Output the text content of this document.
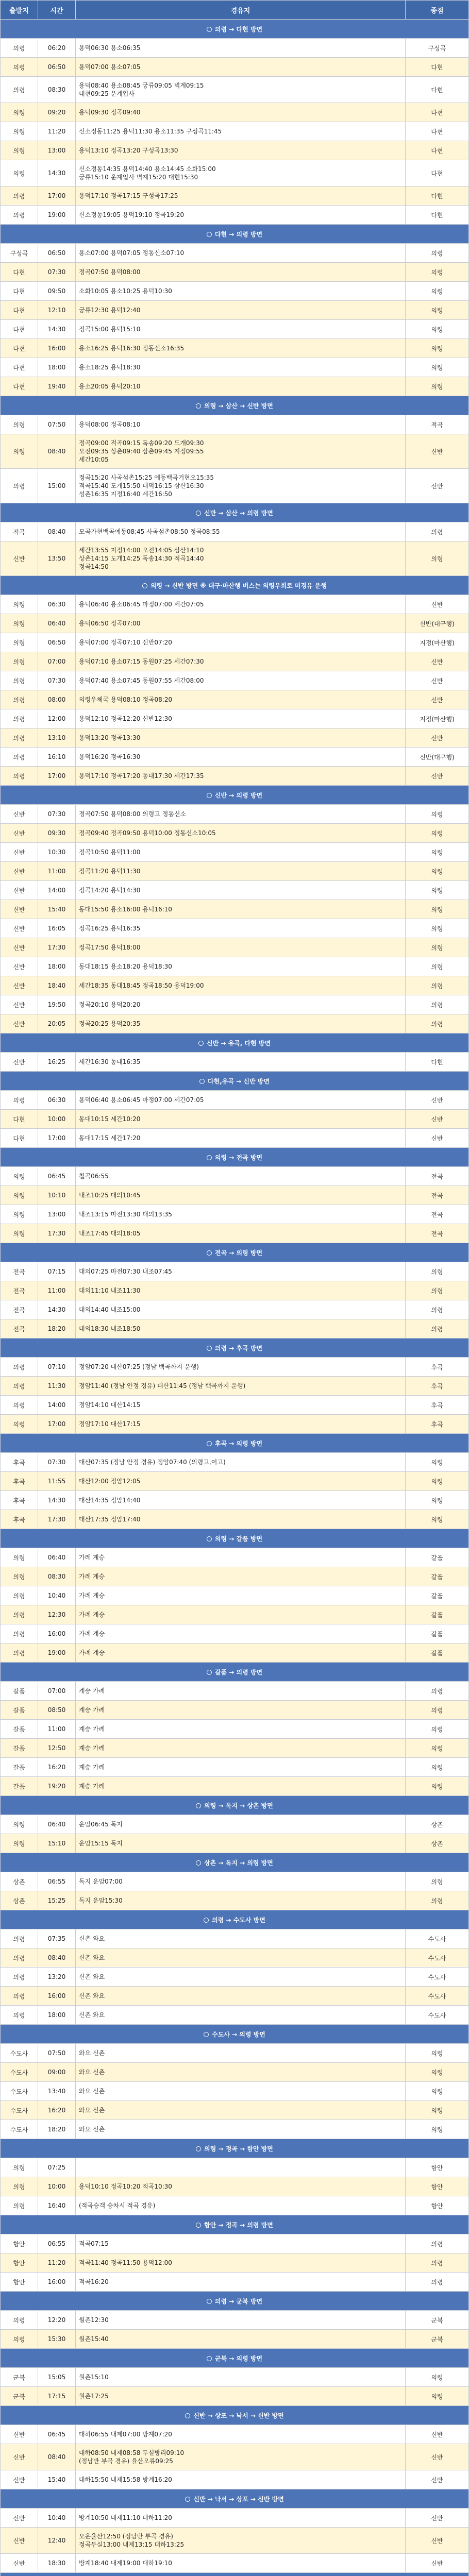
출발지	시간	경유지	종점
의령 → 다현 방면			
의령	06:20	용덕06:30 용소06:35	구성곡
의령	06:50	용덕07:00 용소07:05	다현
의령	08:30	용덕08:40 용소08:45 궁류09:05 벽계09:15
대현09:25 운계입사	다현
의령	09:20	용덕09:30 정곡09:40	다현
의령	11:20	신소정동11:25 용덕11:30 용소11:35 구성곡11:45	다현
의령	13:00	용덕13:10 정곡13:20 구성곡13:30	다현
의령	14:30	신소정동14:35 용덕14:40 용소14:45 소화15:00
궁류15:10 운계입사 벽계15:20 대현15:30	다현
의령	17:00	용덕17:10 정곡17:15 구성곡17:25	다현
의령	19:00	신소정동19:05 용덕19:10 정곡19:20	다현
다현 → 의령 방면			
구성곡	06:50	용소07:00 용덕07:05 정동신소07:10	의령
다현	07:30	정곡07:50 용덕08:00	의령
다현	09:50	소화10:05 용소10:25 용덕10:30	의령
다현	12:10	궁류12:30 용덕12:40	의령
다현	14:30	정곡15:00 용덕15:10	의령
다현	16:00	용소16:25 용덕16:30 정동신소16:35	의령
다현	18:00	용소18:25 용덕18:30	의령
다현	19:40	용소20:05 용덕20:10	의령
의령 → 삼산 → 신반 방면			
의령	07:50	용덕08:00 정곡08:10	적곡
의령	08:40	정곡09:00 적곡09:15 독송09:20 도개09:30
오전09:35 상촌09:40 삼촌09:45 지정09:55
세간10:05	신반
의령	15:00	정곡15:20 사곡섬촌15:25 예동백곡거현오15:35
적곡15:40 도개15:50 대덕16:15 삼산16:30
성촌16:35 지정16:40 세간16:50	신반
신반 → 삼산 → 의령 방면			
적곡	08:40	모곡가현백곡예동08:45 사곡섬촌08:50 정곡08:55	의령
신반	13:50	세간13:55 지정14:00 오전14:05 삼산14:10
상촌14:15 도개14:25 독송14:30 적곡14:40
정곡14:50	의령
의령 → 신반 방면 ※ 대구·마산행 버스는 의령우회로 미경유 운행			
의령	06:30	용덕06:40 용소06:45 마정07:00 세간07:05	신반
의령	06:40	용덕06:50 정곡07:00	신반(대구행)
의령	06:50	용덕07:00 정곡07:10 신반07:20	지정(마산행)
의령	07:00	용덕07:10 용소07:15 동원07:25 세간07:30	신반
의령	07:30	용덕07:40 용소07:45 동원07:55 세간08:00	신반
의령	08:00	의령우체국 용덕08:10 정곡08:20	신반
의령	12:00	용덕12:10 정곡12:20 신반12:30	지정(마산행)
의령	13:10	용덕13:20 정곡13:30	신반
의령	16:10	용덕16:20 정곡16:30	신반(대구행)
의령	17:00	용덕17:10 정곡17:20 동대17:30 세간17:35	신반
신반 → 의령 방면			
신반	07:30	정곡07:50 용덕08:00 의령고 정동신소	의령
신반	09:30	정곡09:40 정곡09:50 용덕10:00 정동신소10:05	의령
신반	10:30	정곡10:50 용덕11:00	의령
신반	11:00	정곡11:20 용덕11:30	의령
신반	14:00	정곡14:20 용덕14:30	의령
신반	15:40	동대15:50 용소16:00 용덕16:10	의령
신반	16:05	정곡16:25 용덕16:35	의령
신반	17:30	정곡17:50 용덕18:00	의령
신반	18:00	동대18:15 용소18:20 용덕18:30	의령
신반	18:40	세간18:35 동대18:45 정곡18:50 용덕19:00	의령
신반	19:50	정곡20:10 용덕20:20	의령
신반	20:05	정곡20:25 용덕20:35	의령
신반 → 유곡, 다현 방면			
신반	16:25	세간16:30 동대16:35	다현
다현,유곡 → 신반 방면			
의령	06:30	용덕06:40 용소06:45 마정07:00 세간07:05	신반
다현	10:00	동대10:15 세간10:20	신반
다현	17:00	동대17:15 세간17:20	신반
의령 → 전곡 방면			
의령	06:45	칠곡06:55	전곡
의령	10:10	내조10:25 대의10:45	전곡
의령	13:00	내조13:15 마전13:30 대의13:35	전곡
의령	17:30	내조17:45 대의18:05	전곡
전곡 → 의령 방면			
전곡	07:15	대의07:25 마전07:30 내조07:45	의령
전곡	11:00	대의11:10 내조11:30	의령
전곡	14:30	대의14:40 내조15:00	의령
전곡	18:20	대의18:30 내조18:50	의령
의령 → 후곡 방면			
의령	07:10	정암07:20 대산07:25 (정남 백곡까지 운행)	후곡
의령	11:30	정암11:40 (정남 안정 경유) 대산11:45 (정남 백곡까지 운행)	후곡
의령	14:00	정암14:10 대산14:15	후곡
의령	17:00	정암17:10 대산17:15	후곡
후곡 → 의령 방면			
후곡	07:30	대산07:35 (정남 안정 경유) 정암07:40 (의령고,여고)	의령
후곡	11:55	대산12:00 정암12:05	의령
후곡	14:30	대산14:35 정암14:40	의령
후곡	17:30	대산17:35 정암17:40	의령
의령 → 갈품 방면			
의령	06:40	가례 계승	갈품
의령	08:30	가례 계승	갈품
의령	10:40	가례 계승	갈품
의령	12:30	가례 계승	갈품
의령	16:00	가례 계승	갈품
의령	19:00	가례 계승	갈품
갈품 → 의령 방면			
갈품	07:00	계승 가례	의령
갈품	08:50	계승 가례	의령
갈품	11:00	계승 가례	의령
갈품	12:50	계승 가례	의령
갈품	16:20	계승 가례	의령
갈품	19:20	계승 가례	의령
의령 → 독지 → 상촌 방면			
의령	06:40	운암06:45 독지	상촌
의령	15:10	운암15:15 독지	상촌
상촌 → 독지 → 의령 방면			
상촌	06:55	독지 운암07:00	의령
상촌	15:25	독지 운암15:30	의령
의령 → 수도사 방면			
의령	07:35	신촌 와요	수도사
의령	08:40	신촌 와요	수도사
의령	13:20	신촌 와요	수도사
의령	16:00	신촌 와요	수도사
의령	18:00	신촌 와요	수도사
수도사 → 의령 방면			
수도사	07:50	와요 신촌	의령
수도사	09:00	와요 신촌	의령
수도사	13:40	와요 신촌	의령
수도사	16:20	와요 신촌	의령
수도사	18:20	와요 신촌	의령
의령 → 정곡 → 함안 방면			
의령	07:25		함안
의령	10:00	용덕10:10 정곡10:20 적곡10:30	함안
의령	16:40	(적곡승객 승차시 적곡 경유)	함안
함안 → 정곡 → 의령 방면			
함안	06:55	적곡07:15	의령
함안	11:20	적곡11:40 정곡11:50 용덕12:00	의령
함안	16:00	적곡16:20	의령
의령 → 군북 방면			
의령	12:20	월촌12:30	군북
의령	15:30	월촌15:40	군북
군북 → 의령 방면			
군북	15:05	월촌15:10	의령
군북	17:15	월촌17:25	의령
신반 → 상포 → 낙서 → 신반 방면			
신반	06:45	대하06:55 내제07:00 방계07:20	신반
신반	08:40	대하08:50 내제08:58 두실방리09:10
(정남반 부곡 경유) 율산오류09:25	신반
신반	15:40	대하15:50 내제15:58 방계16:20	신반
신반 → 낙서 → 상포 → 신반 방면			
신반	10:40	방계10:50 내제11:10 대하11:20	신반
신반	12:40	오운율산12:50 (정남반 부곡 경유)
정곡두실13:00 내제13:15 대하13:25	신반
신반	18:30	방계18:40 내제19:00 대하19:10	신반
